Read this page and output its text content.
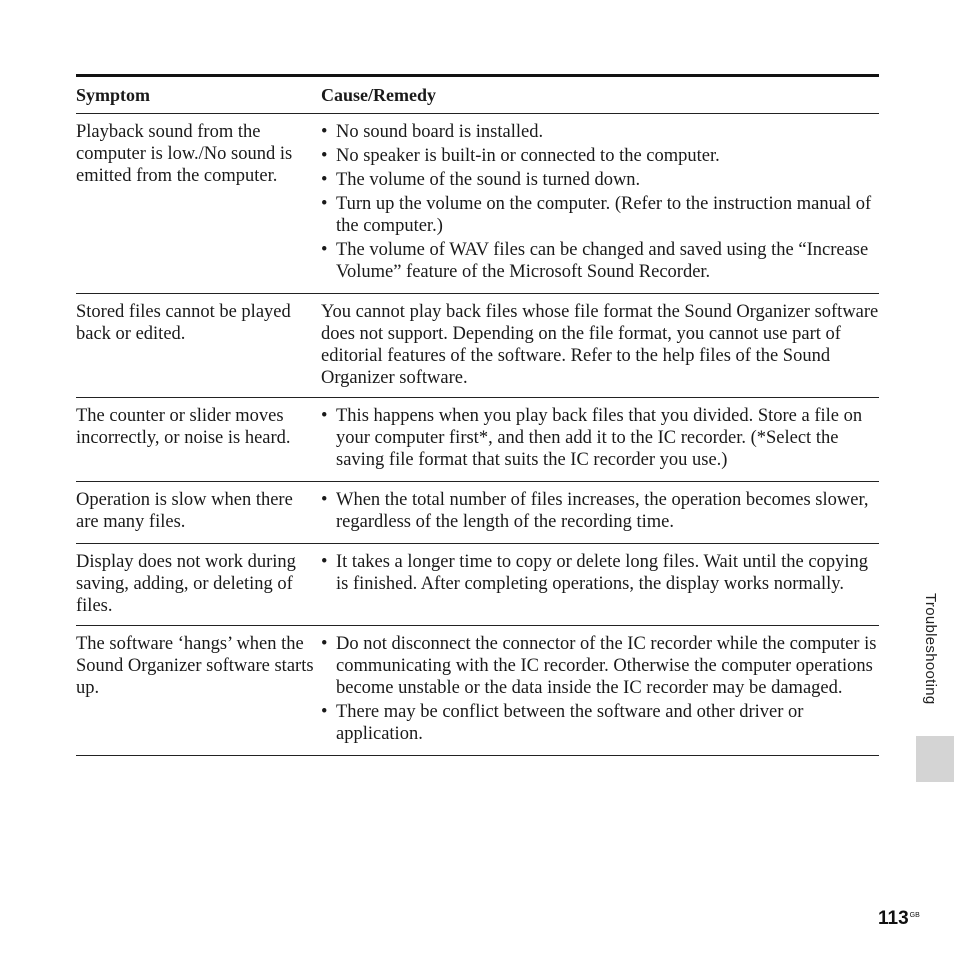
Symptom	Cause/Remedy
Playback sound from the computer is low./No sound is emitted from the computer.
• No sound board is installed.
• No speaker is built-in or connected to the computer.
• The volume of the sound is turned down.
• Turn up the volume on the computer. (Refer to the instruction manual of the computer.)
• The volume of WAV files can be changed and saved using the “Increase Volume” feature of the Microsoft Sound Recorder.
Stored files cannot be played back or edited.
You cannot play back files whose file format the Sound Organizer software does not support. Depending on the file format, you cannot use part of editorial features of the software. Refer to the help files of the Sound Organizer software.
The counter or slider moves incorrectly, or noise is heard.
• This happens when you play back files that you divided. Store a file on your computer first*, and then add it to the IC recorder. (*Select the saving file format that suits the IC recorder you use.)
Operation is slow when there are many files.
• When the total number of files increases, the operation becomes slower, regardless of the length of the recording time.
Display does not work during saving, adding, or deleting of files.
• It takes a longer time to copy or delete long files. Wait until the copying is finished. After completing operations, the display works normally.
The software ‘hangs’ when the Sound Organizer software starts up.
• Do not disconnect the connector of the IC recorder while the computer is communicating with the IC recorder. Otherwise the computer operations become unstable or the data inside the IC recorder may be damaged.
• There may be conflict between the software and other driver or application.
Troubleshooting
$113^{GB}$
